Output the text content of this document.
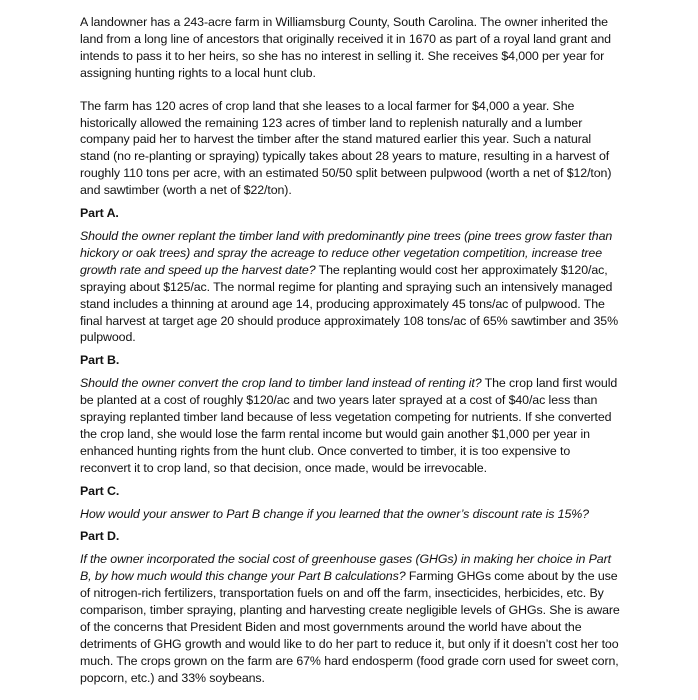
A landowner has a 243-acre farm in Williamsburg County, South Carolina. The owner inherited the land from a long line of ancestors that originally received it in 1670 as part of a royal land grant and intends to pass it to her heirs, so she has no interest in selling it. She receives $4,000 per year for assigning hunting rights to a local hunt club.

The farm has 120 acres of crop land that she leases to a local farmer for $4,000 a year. She historically allowed the remaining 123 acres of timber land to replenish naturally and a lumber company paid her to harvest the timber after the stand matured earlier this year. Such a natural stand (no re-planting or spraying) typically takes about 28 years to mature, resulting in a harvest of roughly 110 tons per acre, with an estimated 50/50 split between pulpwood (worth a net of $12/ton) and sawtimber (worth a net of $22/ton).

Part A.

Should the owner replant the timber land with predominantly pine trees (pine trees grow faster than hickory or oak trees) and spray the acreage to reduce other vegetation competition, increase tree growth rate and speed up the harvest date? The replanting would cost her approximately $120/ac, spraying about $125/ac. The normal regime for planting and spraying such an intensively managed stand includes a thinning at around age 14, producing approximately 45 tons/ac of pulpwood. The final harvest at target age 20 should produce approximately 108 tons/ac of 65% sawtimber and 35% pulpwood.

Part B.

Should the owner convert the crop land to timber land instead of renting it? The crop land first would be planted at a cost of roughly $120/ac and two years later sprayed at a cost of $40/ac less than spraying replanted timber land because of less vegetation competing for nutrients. If she converted the crop land, she would lose the farm rental income but would gain another $1,000 per year in enhanced hunting rights from the hunt club. Once converted to timber, it is too expensive to reconvert it to crop land, so that decision, once made, would be irrevocable.

Part C.

How would your answer to Part B change if you learned that the owner’s discount rate is 15%?

Part D.

If the owner incorporated the social cost of greenhouse gases (GHGs) in making her choice in Part B, by how much would this change your Part B calculations? Farming GHGs come about by the use of nitrogen-rich fertilizers, transportation fuels on and off the farm, insecticides, herbicides, etc. By comparison, timber spraying, planting and harvesting create negligible levels of GHGs. She is aware of the concerns that President Biden and most governments around the world have about the detriments of GHG growth and would like to do her part to reduce it, but only if it doesn’t cost her too much. The crops grown on the farm are 67% hard endosperm (food grade corn used for sweet corn, popcorn, etc.) and 33% soybeans.
